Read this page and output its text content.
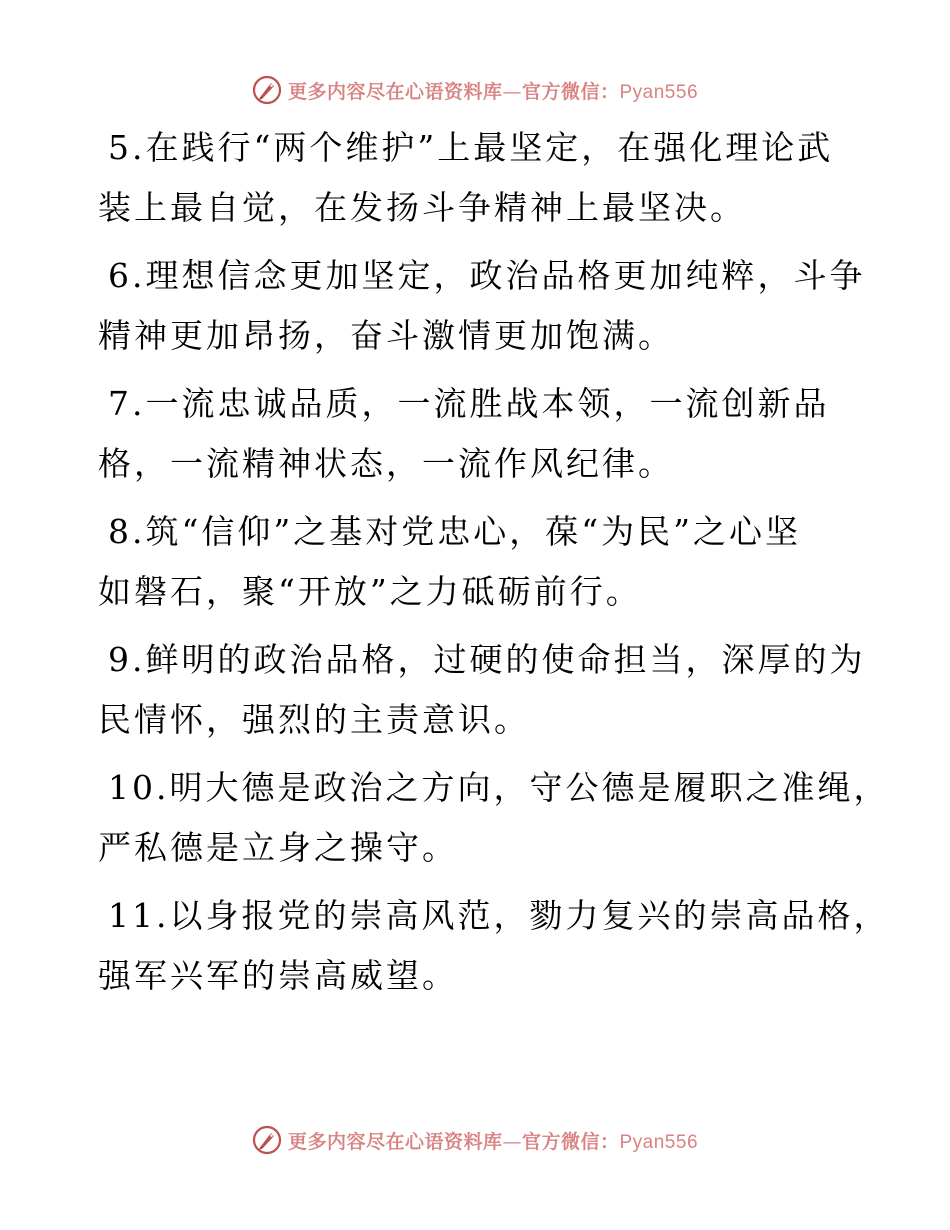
更多内容尽在心语资料库—官方微信：Pyan556
5.在践行“两个维护”上最坚定，在强化理论武
装上最自觉，在发扬斗争精神上最坚决。
6.理想信念更加坚定，政治品格更加纯粹，斗争
精神更加昂扬，奋斗激情更加饱满。
7.一流忠诚品质，一流胜战本领，一流创新品
格，一流精神状态，一流作风纪律。
8.筑“信仰”之基对党忠心，葆“为民”之心坚
如磐石，聚“开放”之力砥砺前行。
9.鲜明的政治品格，过硬的使命担当，深厚的为
民情怀，强烈的主责意识。
10.明大德是政治之方向，守公德是履职之准绳，
严私德是立身之操守。
11.以身报党的崇高风范，勠力复兴的崇高品格，
强军兴军的崇高威望。
更多内容尽在心语资料库—官方微信：Pyan556
